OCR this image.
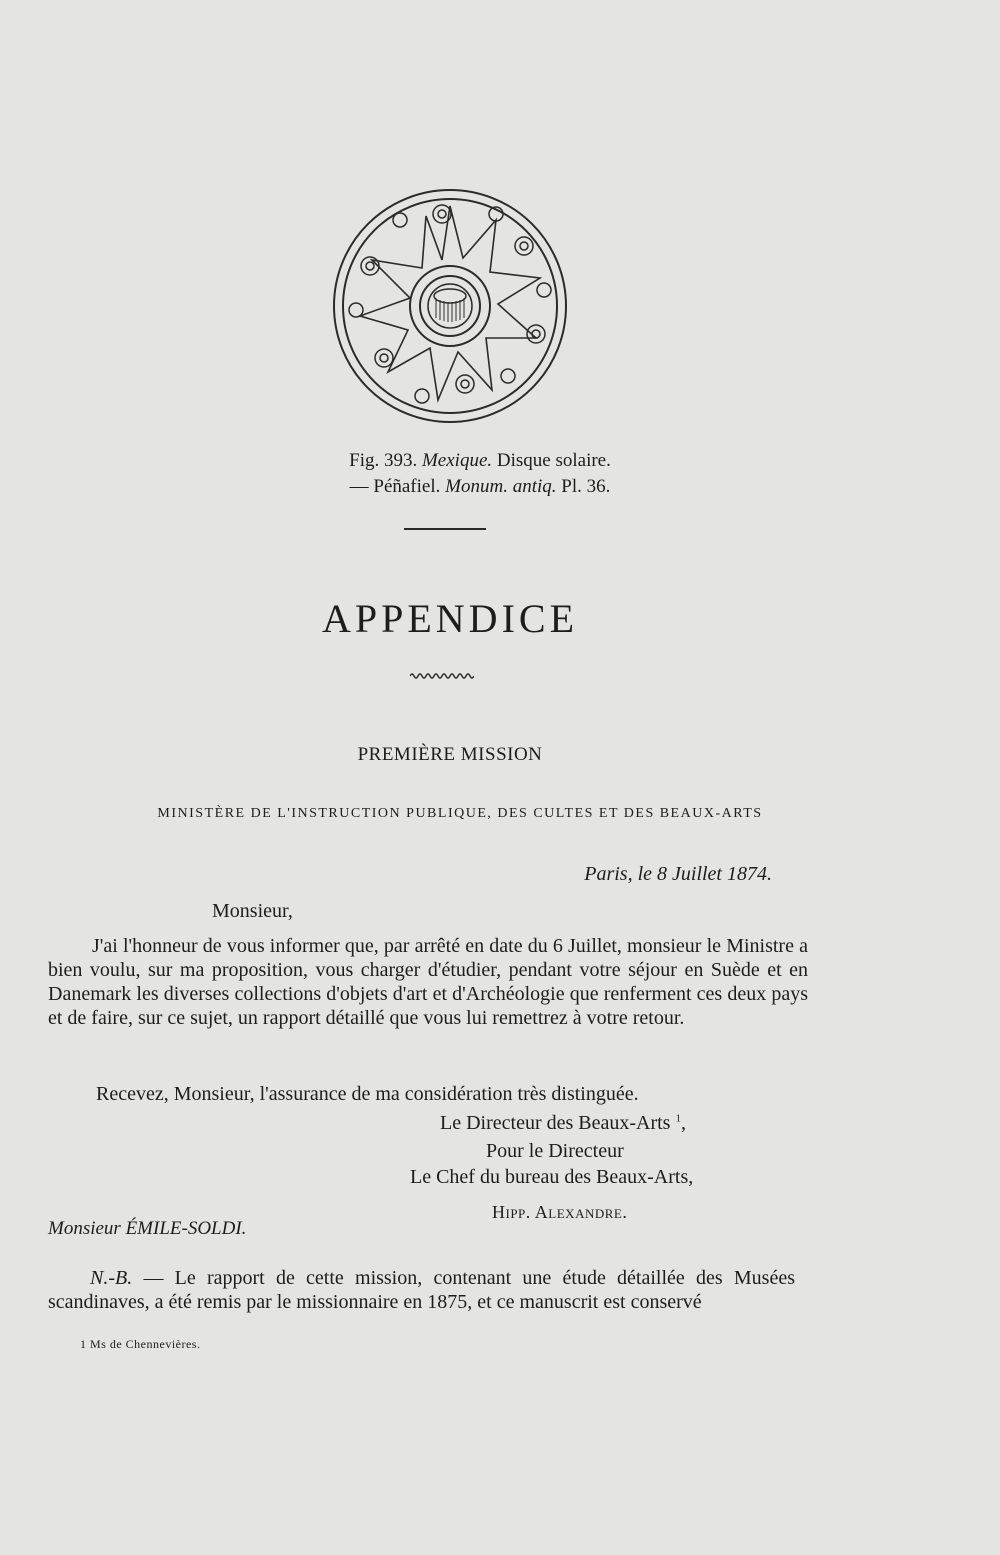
Fig. 393. Mexique. Disque solaire.
— Péñafiel. Monum. antiq. Pl. 36.
APPENDICE
PREMIÈRE MISSION
MINISTÈRE DE L'INSTRUCTION PUBLIQUE, DES CULTES ET DES BEAUX-ARTS
Paris, le 8 Juillet 1874.
Monsieur,
J'ai l'honneur de vous informer que, par arrêté en date du 6 Juillet, monsieur le Ministre a bien voulu, sur ma proposition, vous charger d'étudier, pendant votre séjour en Suède et en Danemark les diverses collections d'objets d'art et d'Archéologie que renferment ces deux pays et de faire, sur ce sujet, un rapport détaillé que vous lui remettrez à votre retour.
Recevez, Monsieur, l'assurance de ma considération très distinguée.
Le Directeur des Beaux-Arts $^1$,
Pour le Directeur
Le Chef du bureau des Beaux-Arts,
Hipp. Alexandre.
Monsieur ÉMILE-SOLDI.
N.-B. — Le rapport de cette mission, contenant une étude détaillée des Musées scandinaves, a été remis par le missionnaire en 1875, et ce manuscrit est conservé
1 Ms de Chennevières.
